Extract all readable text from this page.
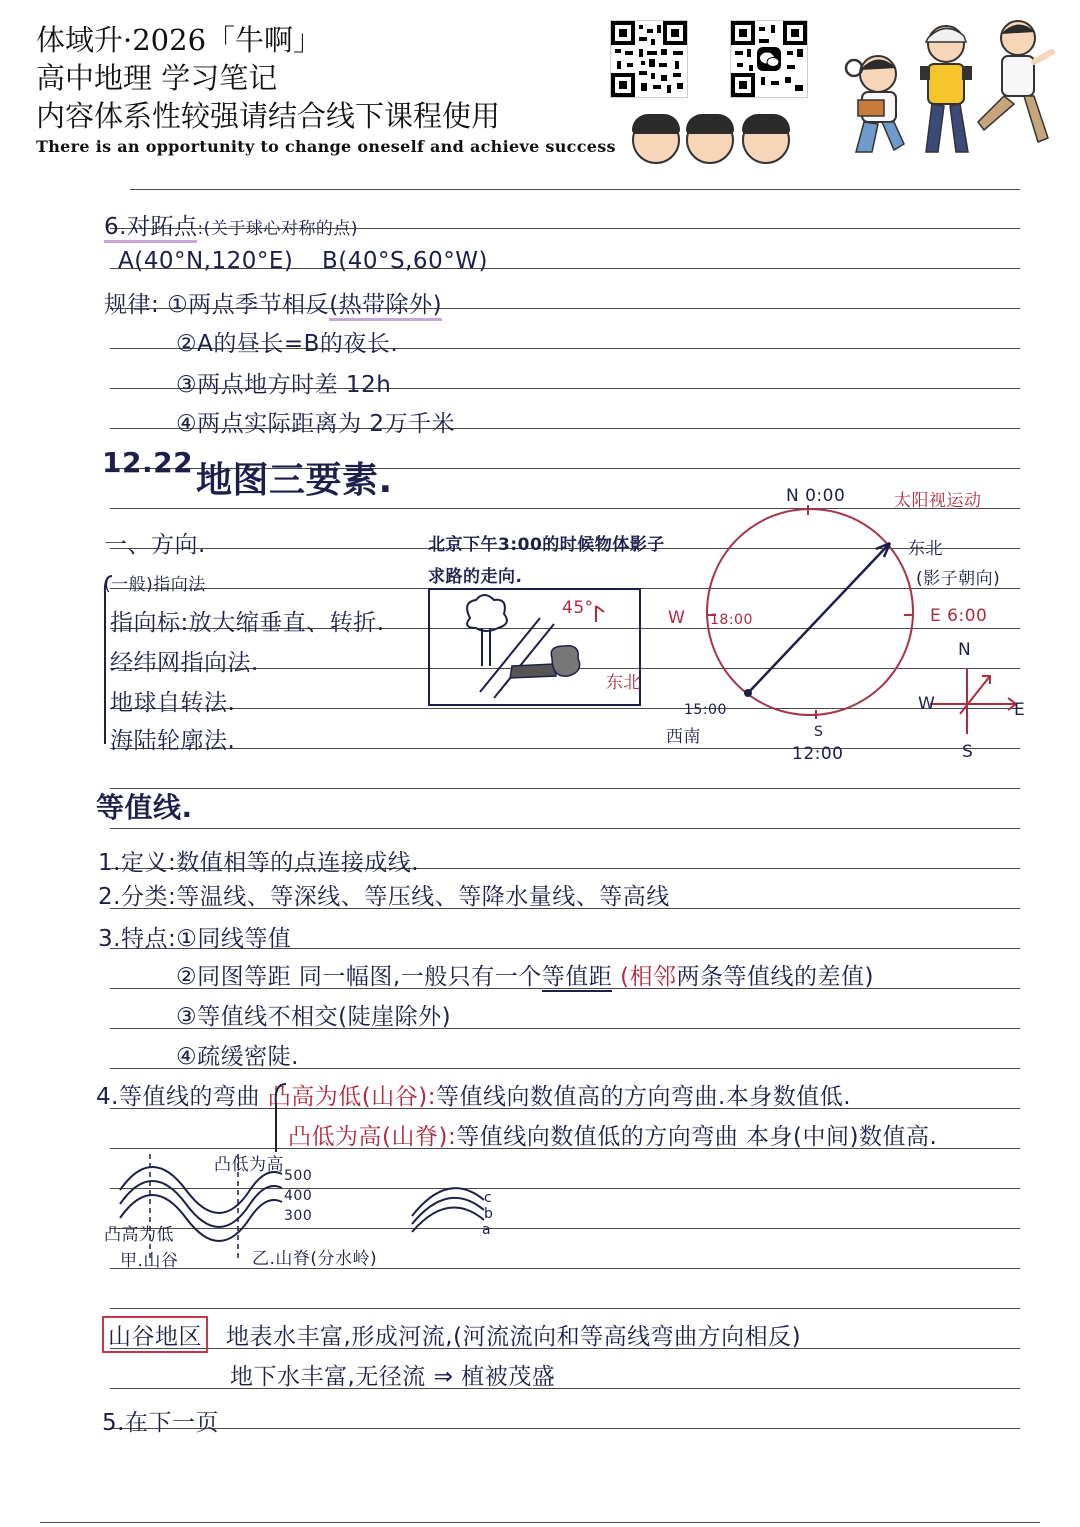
体域升·2026「牛啊」
高中地理 学习笔记
内容体系性较强请结合线下课程使用
There is an opportunity to change oneself and achieve success
6.对跖点:(关于球心对称的点)
A(40°N,120°E) B(40°S,60°W)
规律: ①两点季节相反(热带除外)
②A的昼长=B的夜长.
③两点地方时差 12h
④两点实际距离为 2万千米
12.22 地图三要素.
一、方向.
(一般)指向法
指向标:放大缩垂直、转折.
经纬网指向法.
地球自转法.
海陆轮廓法.
北京下午3:00的时候物体影子
求路的走向.
45°
东北
N 0:00	太阳视运动
东北
(影子朝向)
W 18:00	E 6:00
15:00
西南	S
12:00
N
W	E
S
等值线.
1.定义:数值相等的点连接成线.
2.分类:等温线、等深线、等压线、等降水量线、等高线
3.特点:①同线等值
②同图等距 同一幅图,一般只有一个等值距 (相邻两条等值线的差值)
③等值线不相交(陡崖除外)
④疏缓密陡.
4.等值线的弯曲 凸高为低(山谷):等值线向数值高的方向弯曲.本身数值低.
凸低为高(山脊):等值线向数值低的方向弯曲 本身(中间)数值高.
凸低为高
500
400
300
凸高为低
甲.山谷	乙.山脊(分水岭)
c
b
a
山谷地区 地表水丰富,形成河流,(河流流向和等高线弯曲方向相反)
地下水丰富,无径流 ⇒ 植被茂盛
5.在下一页
